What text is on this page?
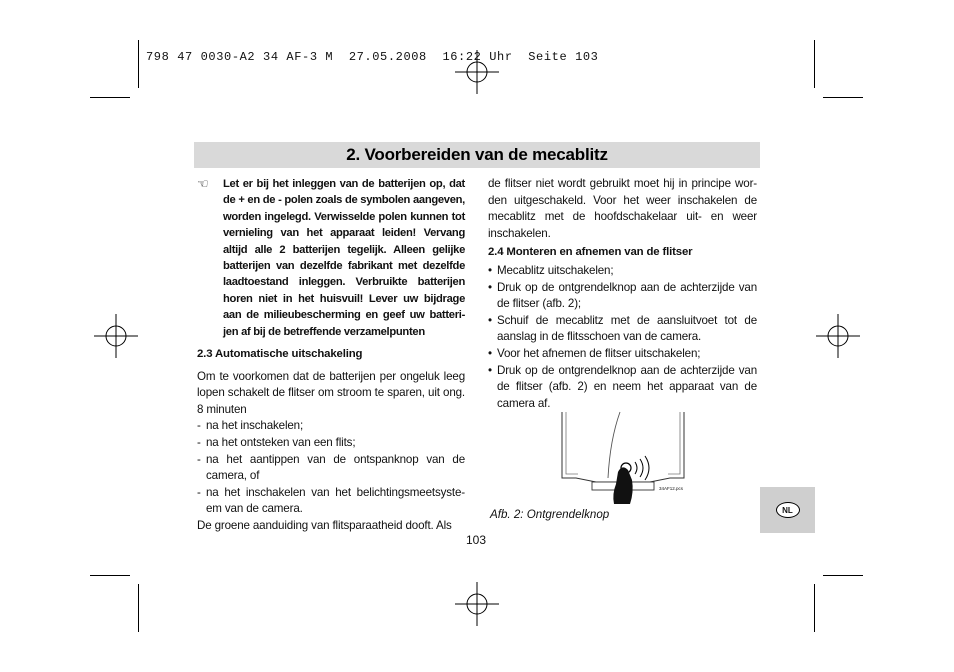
798 47 0030-A2 34 AF-3 M  27.05.2008  16:22 Uhr  Seite 103
2. Voorbereiden van de mecablitz
☜	Let er bij het inleggen van de batterijen op, dat de + en de - polen zoals de symbolen aangeven, worden ingelegd. Verwisselde polen kunnen tot vernieling van het apparaat leiden! Vervang altijd alle 2 batterijen tegelijk. Alleen gelijke batterijen van dezelfde fabrikant met dezelfde laadtoestand inleggen. Verbruikte batterijen horen niet in het huisvuil! Lever uw bijdrage aan de milieubescherming en geef uw batteri- jen af bij de betreffende verzamelpunten
2.3 Automatische uitschakeling

Om te voorkomen dat de batterijen per ongeluk leeg lopen schakelt de flitser om stroom te sparen, uit ong. 8 minuten

- na het inschakelen;
- na het ontsteken van een flits;
- na het aantippen van de ontspanknop van de camera, of
- na het inschakelen van het belichtingsmeetsyste- em van de camera.

De groene aanduiding van flitsparaatheid dooft. Als

de flitser niet wordt gebruikt moet hij in principe wor- den uitgeschakeld. Voor het weer inschakelen de mecablitz met de hoofdschakelaar uit- en weer inschakelen.

2.4 Monteren en afnemen van de flitser
• Mecablitz uitschakelen;
• Druk op de ontgrendelknop aan de achterzijde van de flitser (afb. 2);
• Schuif de mecablitz met de aansluitvoet tot de aanslag in de flitsschoen van de camera.
• Voor het afnemen de flitser uitschakelen;
• Druk op de ontgrendelknop aan de achterzijde van de flitser (afb. 2) en neem het apparaat van de camera af.
34AF12.pcs
Afb. 2: Ontgrendelknop
103
NL
